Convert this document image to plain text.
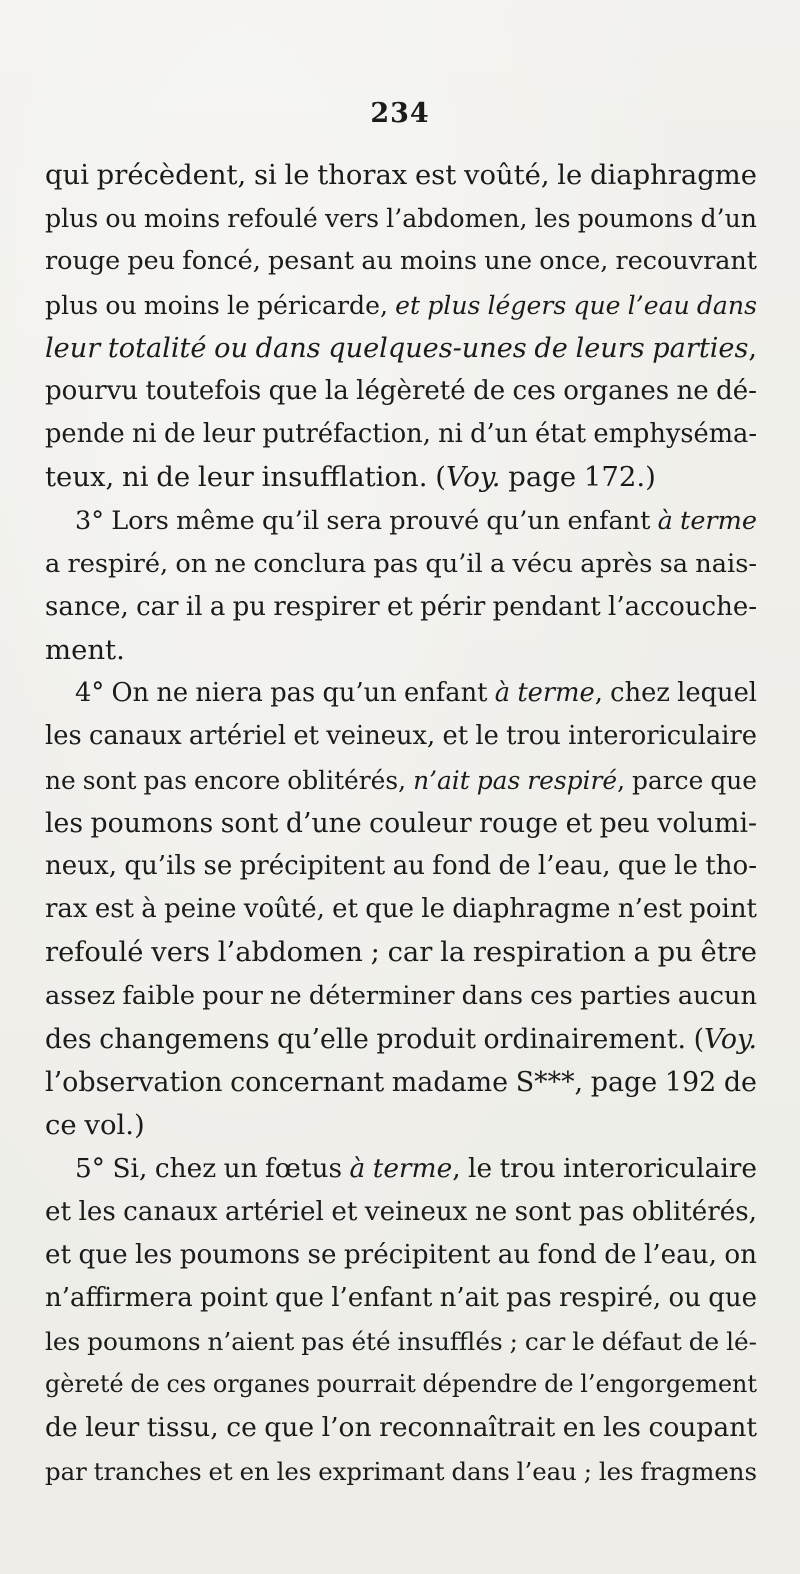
234
qui précèdent, si le thorax est voûté, le diaphragme
plus ou moins refoulé vers l’abdomen, les poumons d’un
rouge peu foncé, pesant au moins une once, recouvrant
plus ou moins le péricarde, et plus légers que l’eau dans
leur totalité ou dans quelques-unes de leurs parties,
pourvu toutefois que la légèreté de ces organes ne dé-
pende ni de leur putréfaction, ni d’un état emphyséma-
teux, ni de leur insufflation. (Voy. page 172.)
3° Lors même qu’il sera prouvé qu’un enfant à terme
a respiré, on ne conclura pas qu’il a vécu après sa nais-
sance, car il a pu respirer et périr pendant l’accouche-
ment.
4° On ne niera pas qu’un enfant à terme, chez lequel
les canaux artériel et veineux, et le trou interoriculaire
ne sont pas encore oblitérés, n’ait pas respiré, parce que
les poumons sont d’une couleur rouge et peu volumi-
neux, qu’ils se précipitent au fond de l’eau, que le tho-
rax est à peine voûté, et que le diaphragme n’est point
refoulé vers l’abdomen ; car la respiration a pu être
assez faible pour ne déterminer dans ces parties aucun
des changemens qu’elle produit ordinairement. (Voy.
l’observation concernant madame S***, page 192 de
ce vol.)
5° Si, chez un fœtus à terme, le trou interoriculaire
et les canaux artériel et veineux ne sont pas oblitérés,
et que les poumons se précipitent au fond de l’eau, on
n’affirmera point que l’enfant n’ait pas respiré, ou que
les poumons n’aient pas été insufflés ; car le défaut de lé-
gèreté de ces organes pourrait dépendre de l’engorgement
de leur tissu, ce que l’on reconnaîtrait en les coupant
par tranches et en les exprimant dans l’eau ; les fragmens
